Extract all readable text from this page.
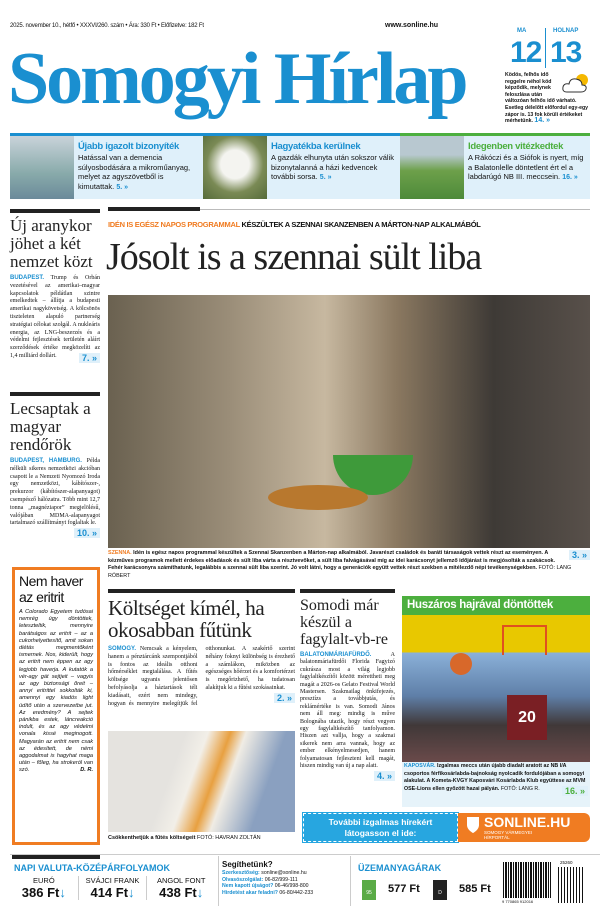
2025. november 10., hétfő • XXXVI/260. szám • Ára: 330 Ft • Előfizetve: 182 Ft	www.sonline.hu
Somogyi Hírlap
MA	HOLNAP
12 13
Ködös, felhős idő reggelre néhol köd képződik, melynek feloszlása után változóan felhős idő várható. Esetleg délelőtt előfordul egy-egy zápor is. 13 fok körüli értékeket mérhetünk. 14. »
Újabb igazolt bizonyíték
Hatással van a demencia súlyosbodására a mikroműanyag, melyet az agyszövetből is kimutattak. 5. »
Hagyatékba kerülnek
A gazdák elhunyta után sokszor válik bizonytalanná a házi kedvencek további sorsa. 5. »
Idegenben vitézkedtek
A Rákóczi és a Siófok is nyert, míg a Balatonlelle döntetlent ért el a labdarúgó NB III. meccsein. 16. »
Új aranykor jöhet a két nemzet közt
BUDAPEST. Trump és Orbán vezetésével az amerikai–magyar kapcsolatok példátlan szintre emelkedtek – állítja a budapesti amerikai nagykövetség. A kölcsönös tiszteleten alapuló partnerség stratégiai célokat szolgál. A nukleáris energia, az LNG-beszerzés és a védelmi fejlesztések területén aláírt szerződések értéke megközelíti az 1,4 milliárd dollárt.	7. »
Lecsaptak a magyar rendőrök
BUDAPEST, HAMBURG. Példa nélküli sikeres nemzetközi akcióban csapott le a Nemzeti Nyomozó Iroda egy nemzetközi, kábítószer-, prekurzor (kábítószer-alapanyagot) csempésző hálózatra. Több mint 12,7 tonna „magnéziapor” megjelölésű, valójában MDMA-alapanyagot tartalmazó szállítmányt foglaltak le.
10. »
Nem haver az eritrit
A Colorado Egyetem tudósai nemrég úgy döntöttek, leteszteltik, mennyire barátságos az eritrit – az a cukorhelyettesítő, amit sokan diétás megmentőként ismernek. Nos, kiderült, hogy az eritrit nem éppen az agy legjobb haverja. A kutatók a vér-agy gát sejtjeit – vagyis az agy biztonsági őreit – annyi eritrittel sokkolták ki, amennyi egy kiadós light üdítő után a szervezetbe jut. Az eredmény? A sejtek pánikba estek, láncreakció indult, és az agy védelmi vonala kissé meginogott. Magyarán az eritrit nem csak az édesített, de némi aggodalmat is hagyhat maga után – főleg, ha strokeról van szó.	D. R.
IDÉN IS EGÉSZ NAPOS PROGRAMMAL KÉSZÜLTEK A SZENNAI SKANZENBEN A MÁRTON-NAP ALKALMÁBÓL
Jósolt is a szennai sült liba
3. »
SZENNA. Idén is egész napos programmal készültek a Szennai Skanzenben a Márton-nap alkalmából. Javarészt családok és baráti társaságok vettek részt az eseményen. A kézműves programok mellett érdekes előadások és sült liba várta a résztvevőket, a sült liba falvágásával míg az idei karácsonyt jellemző időjárást is megjósolták a szakácsok. Fehér karácsonyra számíthatunk, legalábbis a szennai sült liba szerint. Jó volt látni, hogy a generációk együtt vettek részt szekben a mitélezdő népi tevékenységekben. FOTÓ: LANG RÓBERT
Költséget kímél, ha okosabban fűtünk
SOMOGY. Nemcsak a kényelem, hanem a pénztárcánk szempontjából is fontos az ideális otthoni hőmérséklet megtalálása. A fűtés költsége ugyanis jelentősen befolyásolja a háztartások téli kiadásait, ezért nem mindegy, hogyan és mennyire melegítjük fel otthonunkat. A szakértő szerint néhány foknyi különbség is érezhető a számlákon, miközben az egészséges hőérzet és a komfortérzet is megőrizhető, ha tudatosan alakítjuk ki a fűtési szokásainkat.
2. »
Csökkenthetjük a fűtés költségeit FOTÓ: HAVRAN ZOLTÁN
Somodi már készül a fagylalt-vb-re
BALATONMÁRIAFÜRDŐ.	A balatonmáriafürdői Florida Fagyizó cukrászа most a világ legjobb fagylaltkészítői között mérettheti meg magát a 2026-os Gelato Festival World Mastersen. Szakmailag önkifejezés, presztízs a továbbjutás, és reklámértéke is van. Somodi János nem áll meg: mindig is műve Bolognába utazik, hogy részt vegyen egy fagylaltkészítő tanfolyamon. Hiszen azt vallja, hogy a szakmai sikerek nem arra vannak, hogy az ember elkényelmesedjen, hanem folyamatosan fejleszteni kell magát, hiszen mindig van új a nap alatt.
4. »
Huszáros hajrával döntöttek
20
KAPOSVÁR. Izgalmas meccs után újabb diadalt aratott az NB I/A csoportos férfikosárlabda-bajnokság nyolcadik fordulójában a somogyi alakulat. A Kometa-KVGY Kaposvári Kosárlabda Klub együttese az MVM OSE-Lions ellen győzött hazai pályán. FOTÓ: LANG R.	16. »
További izgalmas hírekért
látogasson el ide:
SONLINE.HU
SOMOGY VÁRMEGYEI
HÍRPORTÁL
NAPI VALUTA-KÖZÉPÁRFOLYAMOK
EURÓ
386 Ft↓
SVÁJCI FRANK
414 Ft↓
ANGOL FONT
438 Ft↓
Segíthetünk?
Szerkesztőség: sonline@sonline.hu
Olvasószolgálat: 06-82/999-111
Nem kapott újságot? 06-46/998-800
Hirdetést akar feladni? 06-80/442-233
ÜZEMANYAGÁRAK
95	577 Ft	D	585 Ft
9 770865 912016
25260
